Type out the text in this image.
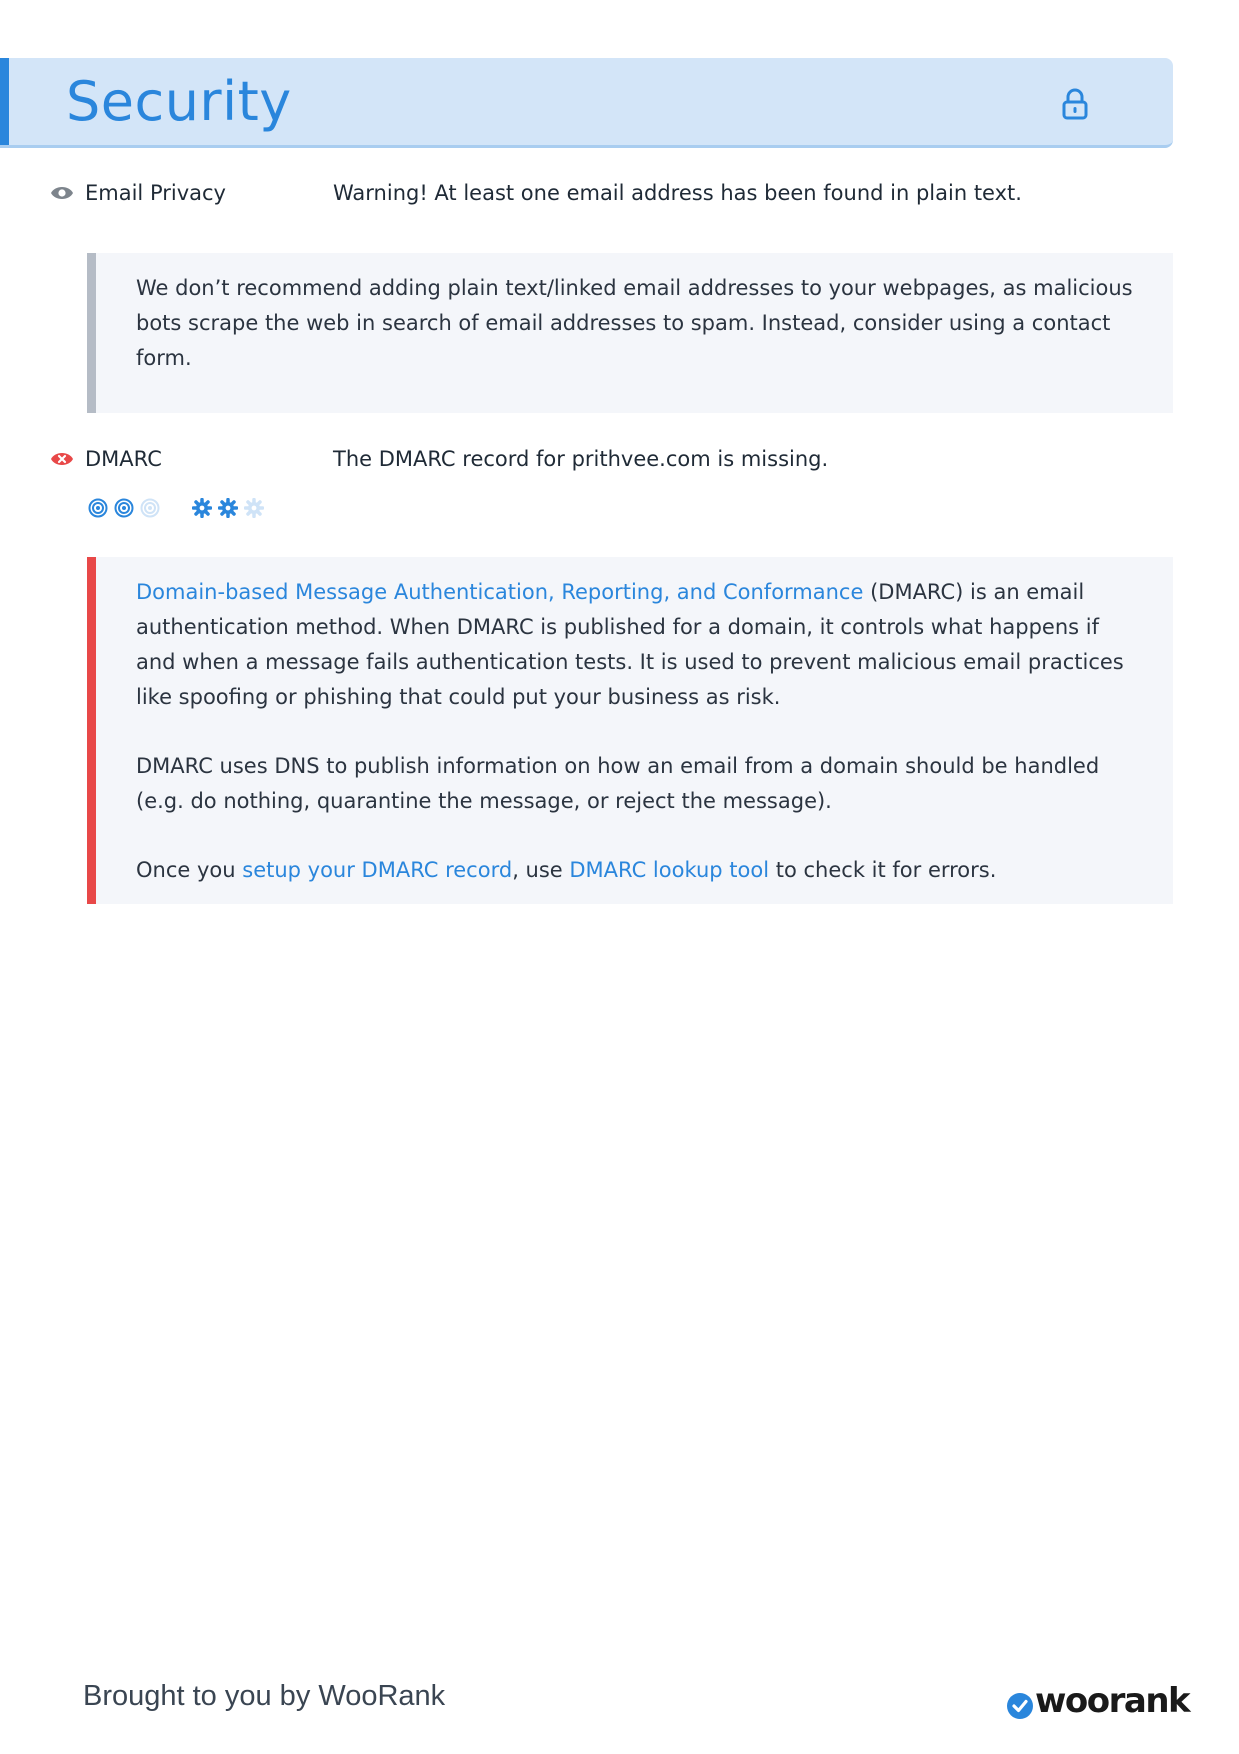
Security
Email Privacy	Warning! At least one email address has been found in plain text.

We don’t recommend adding plain text/linked email addresses to your webpages, as malicious bots scrape the web in search of email addresses to spam. Instead, consider using a contact form.

DMARC	The DMARC record for prithvee.com is missing.

Domain-based Message Authentication, Reporting, and Conformance (DMARC) is an email authentication method. When DMARC is published for a domain, it controls what happens if and when a message fails authentication tests. It is used to prevent malicious email practices like spoofing or phishing that could put your business as risk.

DMARC uses DNS to publish information on how an email from a domain should be handled (e.g. do nothing, quarantine the message, or reject the message).

Once you setup your DMARC record, use DMARC lookup tool to check it for errors.

Brought to you by WooRank	woorank
